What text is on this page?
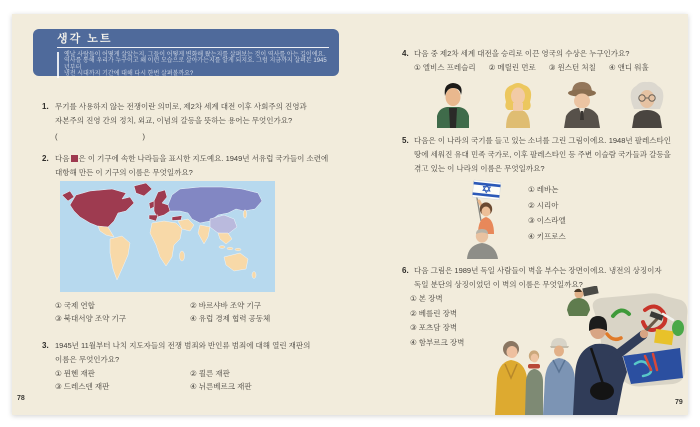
생각 노트
옛날 사람들이 어떻게 살았는지, 그들이 어떻게 변화해 왔는지를 살펴보는 것이 역사를 아는 길이에요.
역사를 통해 우리가 누구이고 왜 이런 모습으로 살아가는지를 알게 되지요. 그럼 지금까지 살펴본 1945년부터
냉전 시대까지 기간에 대해 다시 한번 살펴볼까요?
1. 무기를 사용하지 않는 전쟁이란 의미로, 제2차 세계 대전 이후 사회주의 진영과
자본주의 진영 간의 정치, 외교, 이념의 갈등을 뜻하는 용어는 무엇인가요?
(	)
2. 다음 은 이 기구에 속한 나라들을 표시한 지도예요. 1949년 서유럽 국가들이 소련에
대항해 만든 이 기구의 이름은 무엇일까요?
① 국제 연합	② 바르샤바 조약 기구
③ 북대서양 조약 기구	④ 유럽 경제 협력 공동체
3. 1945년 11월부터 나치 지도자들의 전쟁 범죄와 반인류 범죄에 대해 열린 재판의
이름은 무엇인가요?
① 뮌헨 재판	② 쾰른 재판
③ 드레스덴 재판	④ 뉘른베르크 재판
78
4. 다음 중 제2차 세계 대전을 승리로 이끈 영국의 수상은 누구인가요?
① 엘비스 프레슬리 ② 메릴린 먼로 ③ 윈스턴 처칠 ④ 앤디 워홀
5. 다음은 이 나라의 국기를 들고 있는 소녀를 그린 그림이에요. 1948년 팔레스타인
땅에 세워진 유대 민족 국가로, 이후 팔레스타인 등 주변 이슬람 국가들과 갈등을
겪고 있는 이 나라의 이름은 무엇일까요?
① 레바논
② 시리아
③ 이스라엘
④ 키프로스
6. 다음 그림은 1989년 독일 사람들이 벽을 부수는 장면이에요. 냉전의 상징이자
독일 분단의 상징이었던 이 벽의 이름은 무엇일까요?
① 본 장벽
② 베를린 장벽
③ 포츠담 장벽
④ 함부르크 장벽
79
